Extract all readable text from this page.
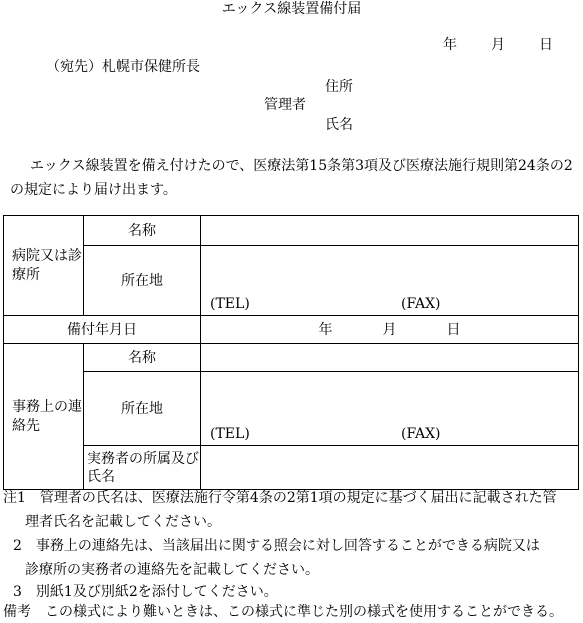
エックス線装置備付届
年 月 日
（宛先）札幌市保健所長
住所
管理者
氏名
エックス線装置を備え付けたので、医療法第15条第3項及び医療法施行規則第24条の2の規定により届け出ます。
病院又は診療所	名称	
	所在地	(TEL) (FAX)

備付年月日		年 月 日
事務上の連絡先	名称	
	所在地	(TEL) (FAX)

	実務者の所属及び氏名	
注1　管理者の氏名は、医療法施行令第4条の2第1項の規定に基づく届出に記載された管
理者氏名を記載してください。
2　事務上の連絡先は、当該届出に関する照会に対し回答することができる病院又は
診療所の実務者の連絡先を記載してください。
3　別紙1及び別紙2を添付してください。
備考　この様式により難いときは、この様式に準じた別の様式を使用することができる。
